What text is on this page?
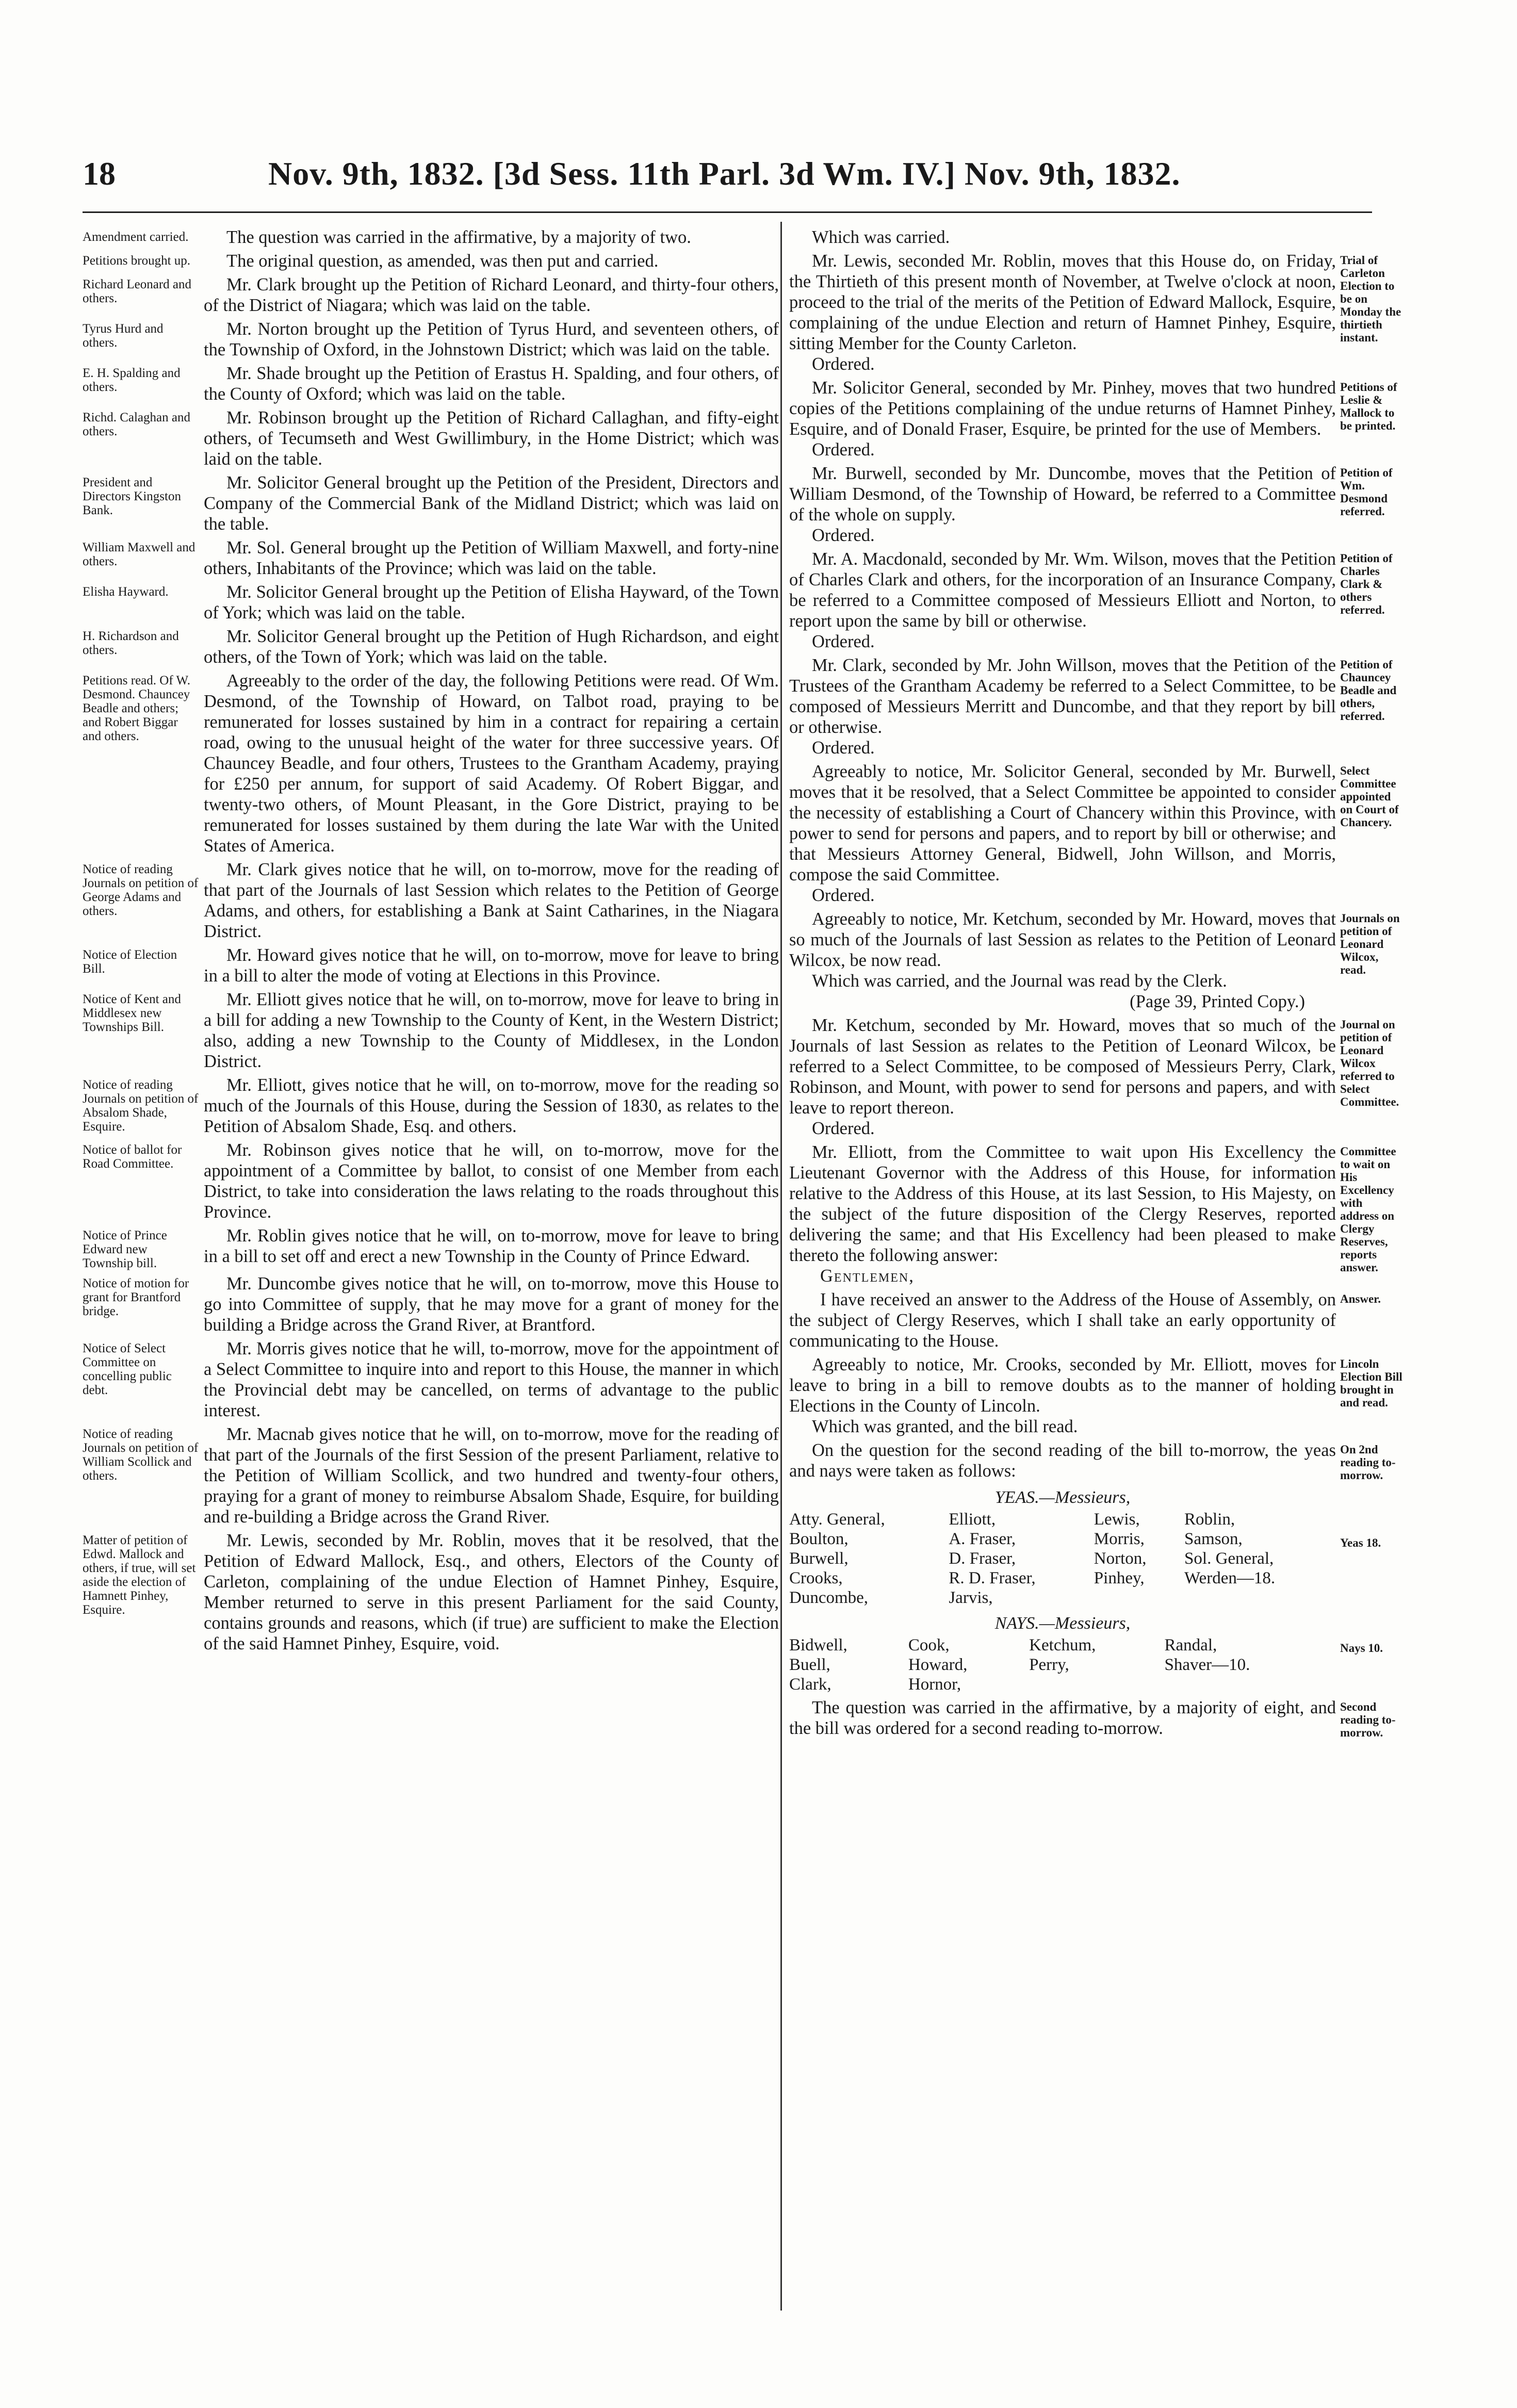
18	Nov. 9th, 1832. [3d Sess. 11th Parl. 3d Wm. IV.] Nov. 9th, 1832.
Amendment carried.	The question was carried in the affirmative, by a majority of two.

Petitions brought up.	The original question, as amended, was then put and carried.

Richard Leonard and others.

Mr. Clark brought up the Petition of Richard Leonard, and thirty-four others, of the District of Niagara; which was laid on the table.

Tyrus Hurd and others.

Mr. Norton brought up the Petition of Tyrus Hurd, and seventeen others, of the Township of Oxford, in the Johnstown District; which was laid on the table.

E. H. Spalding and others.

Mr. Shade brought up the Petition of Erastus H. Spalding, and four others, of the County of Oxford; which was laid on the table.

Richd. Calaghan and others.

Mr. Robinson brought up the Petition of Richard Callaghan, and fifty-eight others, of Tecumseth and West Gwillimbury, in the Home District; which was laid on the table.

President and Directors Kingston Bank.

Mr. Solicitor General brought up the Petition of the President, Directors and Company of the Commercial Bank of the Midland District; which was laid on the table.

William Maxwell and others.

Mr. Sol. General brought up the Petition of William Maxwell, and forty-nine others, Inhabitants of the Province; which was laid on the table.

Elisha Hayward.	Mr. Solicitor General brought up the Petition of Elisha Hayward, of the Town of York; which was laid on the table.

H. Richardson and others.

Mr. Solicitor General brought up the Petition of Hugh Richardson, and eight others, of the Town of York; which was laid on the table.

Petitions read. Of W. Desmond. Chauncey Beadle and others; and Robert Biggar and others.

Agreeably to the order of the day, the following Petitions were read. Of Wm. Desmond, of the Township of Howard, on Talbot road, praying to be remunerated for losses sustained by him in a contract for repairing a certain road, owing to the unusual height of the water for three successive years. Of Chauncey Beadle, and four others, Trustees to the Grantham Academy, praying for £250 per annum, for support of said Academy. Of Robert Biggar, and twenty-two others, of Mount Pleasant, in the Gore District, praying to be remunerated for losses sustained by them during the late War with the United States of America.

Notice of reading Journals on petition of George Adams and others.

Mr. Clark gives notice that he will, on to-morrow, move for the reading of that part of the Journals of last Session which relates to the Petition of George Adams, and others, for establishing a Bank at Saint Catharines, in the Niagara District.

Notice of Election Bill.

Mr. Howard gives notice that he will, on to-morrow, move for leave to bring in a bill to alter the mode of voting at Elections in this Province.

Notice of Kent and Middlesex new Townships Bill.

Mr. Elliott gives notice that he will, on to-morrow, move for leave to bring in a bill for adding a new Township to the County of Kent, in the Western District; also, adding a new Township to the County of Middlesex, in the London District.

Notice of reading Journals on petition of Absalom Shade, Esquire.

Mr. Elliott, gives notice that he will, on to-morrow, move for the reading so much of the Journals of this House, during the Session of 1830, as relates to the Petition of Absalom Shade, Esq. and others.

Notice of ballot for Road Committee.

Mr. Robinson gives notice that he will, on to-morrow, move for the appointment of a Committee by ballot, to consist of one Member from each District, to take into consideration the laws relating to the roads throughout this Province.

Notice of Prince Edward new Township bill.

Mr. Roblin gives notice that he will, on to-morrow, move for leave to bring in a bill to set off and erect a new Township in the County of Prince Edward.

Notice of motion for grant for Brantford bridge.

Mr. Duncombe gives notice that he will, on to-morrow, move this House to go into Committee of supply, that he may move for a grant of money for the building a Bridge across the Grand River, at Brantford.

Notice of Select Committee on concelling public debt.

Mr. Morris gives notice that he will, to-morrow, move for the appointment of a Select Committee to inquire into and report to this House, the manner in which the Provincial debt may be cancelled, on terms of advantage to the public interest.

Notice of reading Journals on petition of William Scollick and others.

Mr. Macnab gives notice that he will, on to-morrow, move for the reading of that part of the Journals of the first Session of the present Parliament, relative to the Petition of William Scollick, and two hundred and twenty-four others, praying for a grant of money to reimburse Absalom Shade, Esquire, for building and re-building a Bridge across the Grand River.

Matter of petition of Edwd. Mallock and others, if true, will set aside the election of Hamnett Pinhey, Esquire.

Mr. Lewis, seconded by Mr. Roblin, moves that it be resolved, that the Petition of Edward Mallock, Esq., and others, Electors of the County of Carleton, complaining of the undue Election of Hamnet Pinhey, Esquire, Member returned to serve in this present Parliament for the said County, contains grounds and reasons, which (if true) are sufficient to make the Election of the said Hamnet Pinhey, Esquire, void.

Which was carried.

Mr. Lewis, seconded Mr. Roblin, moves that this House do, on Friday, the Thirtieth of this present month of November, at Twelve o'clock at noon, proceed to the trial of the merits of the Petition of Edward Mallock, Esquire, complaining of the undue Election and return of Hamnet Pinhey, Esquire, sitting Member for the County Carleton.

Ordered.

Trial of Carleton Election to be on Monday the thirtieth instant.

Mr. Solicitor General, seconded by Mr. Pinhey, moves that two hundred copies of the Petitions complaining of the undue returns of Hamnet Pinhey, Esquire, and of Donald Fraser, Esquire, be printed for the use of Members.

Ordered.

Petitions of Leslie & Mallock to be printed.

Mr. Burwell, seconded by Mr. Duncombe, moves that the Petition of William Desmond, of the Township of Howard, be referred to a Committee of the whole on supply.

Ordered.

Petition of Wm. Desmond referred.

Mr. A. Macdonald, seconded by Mr. Wm. Wilson, moves that the Petition of Charles Clark and others, for the incorporation of an Insurance Company, be referred to a Committee composed of Messieurs Elliott and Norton, to report upon the same by bill or otherwise.

Ordered.

Petition of Charles Clark & others referred.

Mr. Clark, seconded by Mr. John Willson, moves that the Petition of the Trustees of the Grantham Academy be referred to a Select Committee, to be composed of Messieurs Merritt and Duncombe, and that they report by bill or otherwise.

Ordered.

Petition of Chauncey Beadle and others, referred.

Agreeably to notice, Mr. Solicitor General, seconded by Mr. Burwell, moves that it be resolved, that a Select Committee be appointed to consider the necessity of establishing a Court of Chancery within this Province, with power to send for persons and papers, and to report by bill or otherwise; and that Messieurs Attorney General, Bidwell, John Willson, and Morris, compose the said Committee.

Ordered.

Select Committee appointed on Court of Chancery.

Agreeably to notice, Mr. Ketchum, seconded by Mr. Howard, moves that so much of the Journals of last Session as relates to the Petition of Leonard Wilcox, be now read.

Which was carried, and the Journal was read by the Clerk.

(Page 39, Printed Copy.)

Journals on petition of Leonard Wilcox, read.

Mr. Ketchum, seconded by Mr. Howard, moves that so much of the Journals of last Session as relates to the Petition of Leonard Wilcox, be referred to a Select Committee, to be composed of Messieurs Perry, Clark, Robinson, and Mount, with power to send for persons and papers, and with leave to report thereon.

Ordered.

Journal on petition of Leonard Wilcox referred to Select Committee.

Mr. Elliott, from the Committee to wait upon His Excellency the Lieutenant Governor with the Address of this House, for information relative to the Address of this House, at its last Session, to His Majesty, on the subject of the future disposition of the Clergy Reserves, reported delivering the same; and that His Excellency had been pleased to make thereto the following answer:

Gentlemen,

Committee to wait on His Excellency with address on Clergy Reserves, reports answer.

I have received an answer to the Address of the House of Assembly, on the subject of Clergy Reserves, which I shall take an early opportunity of communicating to the House.

Answer.

Agreeably to notice, Mr. Crooks, seconded by Mr. Elliott, moves for leave to bring in a bill to remove doubts as to the manner of holding Elections in the County of Lincoln.

Which was granted, and the bill read.

Lincoln Election Bill brought in and read.

On the question for the second reading of the bill to-morrow, the yeas and nays were taken as follows:

On 2nd reading to-morrow.
YEAS.—Messieurs,
Atty. General,	Elliott,	Lewis,	Roblin,
Boulton,	A. Fraser,	Morris,	Samson,
Burwell,	D. Fraser,	Norton,	Sol. General,
Crooks,	R. D. Fraser,	Pinhey,	Werden—18.
Duncombe,	Jarvis,		
Yeas 18.
NAYS.—Messieurs,
Bidwell,	Cook,	Ketchum,	Randal,
Buell,	Howard,	Perry,	Shaver—10.
Clark,	Hornor,		
Nays 10.

The question was carried in the affirmative, by a majority of eight, and the bill was ordered for a second reading to-morrow.

Second reading to-morrow.
